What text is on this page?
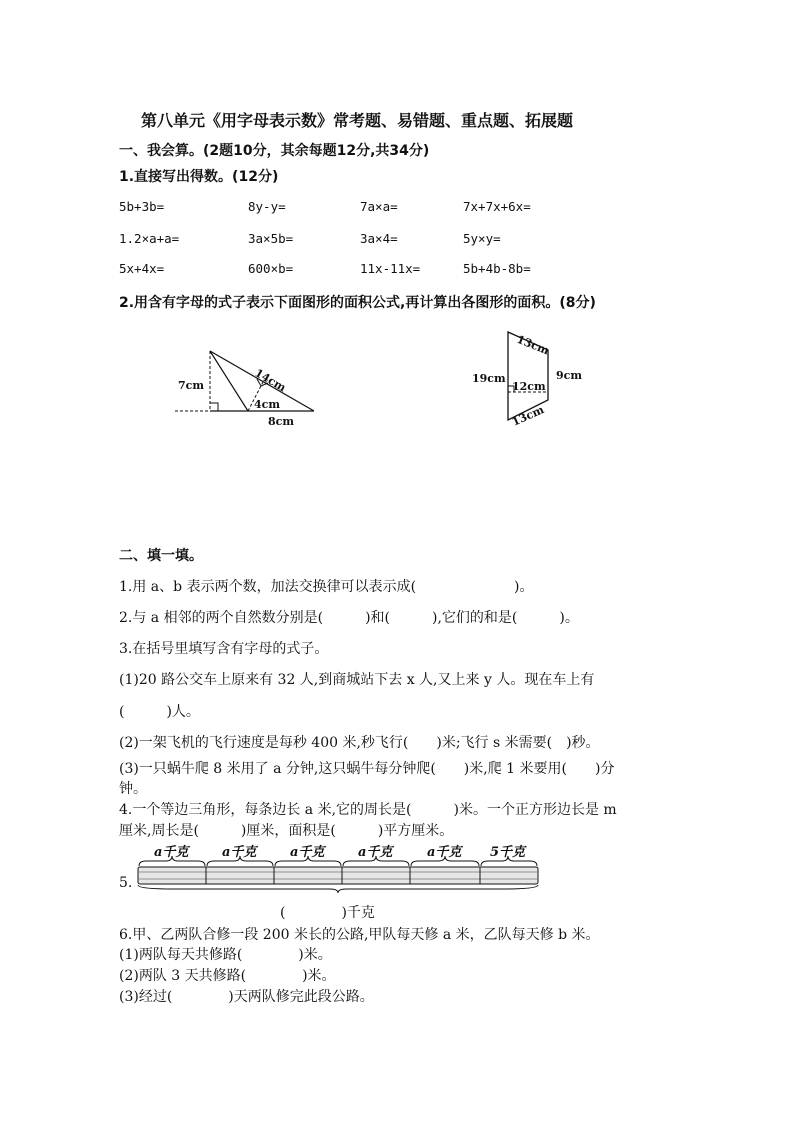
第八单元《用字母表示数》常考题、易错题、重点题、拓展题
一、我会算。(2题10分，其余每题12分,共34分)
1.直接写出得数。(12分)
5b+3b=	8y-y=	7a×a=	7x+7x+6x=
1.2×a+a=	3a×5b=	3a×4=	5y×y=
5x+4x=	600×b=	11x-11x=	5b+4b-8b=
2.用含有字母的式子表示下面图形的面积公式,再计算出各图形的面积。(8分)
7cm	14cm
4cm
8cm
13cm
19cm
12cm
9cm
13cm
二、填一填。
1.用 a、b 表示两个数，加法交换律可以表示成(　　　　　　　)。
2.与 a 相邻的两个自然数分别是(　　　)和(　　　),它们的和是(　　　)。
3.在括号里填写含有字母的式子。
(1)20 路公交车上原来有 32 人,到商城站下去 x 人,又上来 y 人。现在车上有
(　　　)人。
(2)一架飞机的飞行速度是每秒 400 米,秒飞行(　　)米;飞行 s 米需要(　)秒。
(3)一只蜗牛爬 8 米用了 a 分钟,这只蜗牛每分钟爬(　　)米,爬 1 米要用(　　)分
钟。
4.一个等边三角形，每条边长 a 米,它的周长是(　　　)米。一个正方形边长是 m
厘米,周长是(　　　)厘米，面积是(　　　)平方厘米。
5.
a千克	a千克	a千克	a千克	a千克 5千克
(　　　　)千克
6.甲、乙两队合修一段 200 米长的公路,甲队每天修 a 米，乙队每天修 b 米。
(1)两队每天共修路(　　　　)米。
(2)两队 3 天共修路(　　　　)米。
(3)经过(　　　　)天两队修完此段公路。
